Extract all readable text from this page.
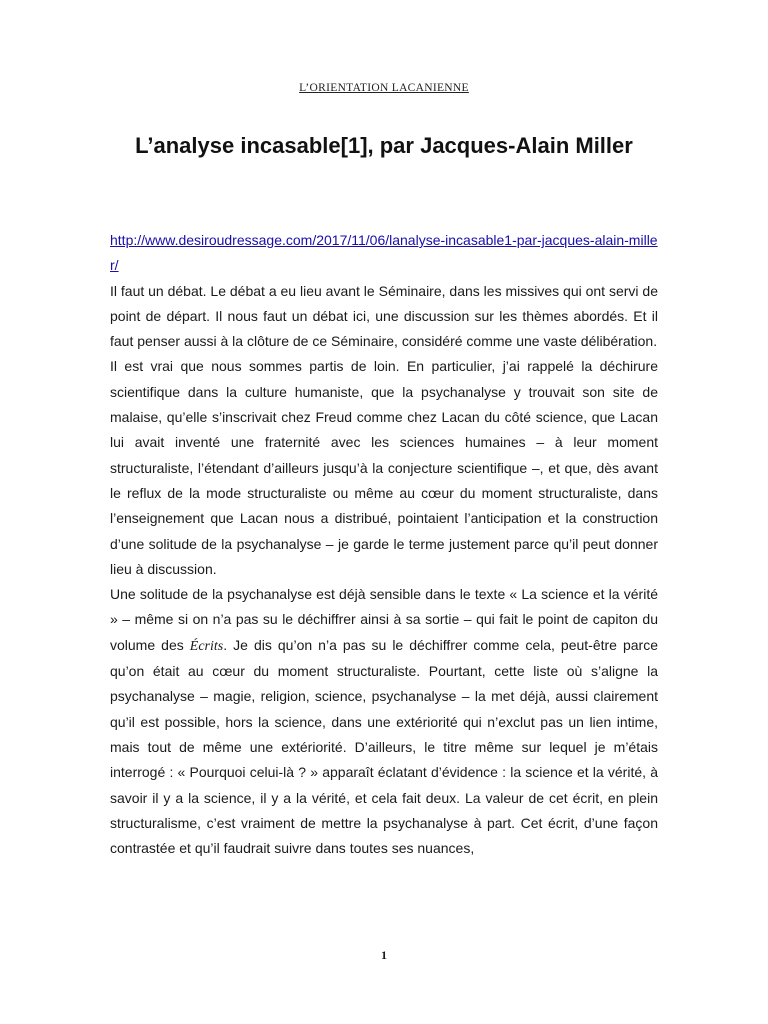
L’ORIENTATION LACANIENNE
L’analyse incasable[1], par Jacques-Alain Miller
http://www.desiroudressage.com/2017/11/06/lanalyse-incasable1-par-jacques-alain-miller/

Il faut un débat. Le débat a eu lieu avant le Séminaire, dans les missives qui ont servi de point de départ. Il nous faut un débat ici, une discussion sur les thèmes abordés. Et il faut penser aussi à la clôture de ce Séminaire, considéré comme une vaste délibération.

Il est vrai que nous sommes partis de loin. En particulier, j’ai rappelé la déchirure scientifique dans la culture humaniste, que la psychanalyse y trouvait son site de malaise, qu’elle s’inscrivait chez Freud comme chez Lacan du côté science, que Lacan lui avait inventé une fraternité avec les sciences humaines – à leur moment structuraliste, l’étendant d’ailleurs jusqu’à la conjecture scientifique –, et que, dès avant le reflux de la mode structuraliste ou même au cœur du moment structuraliste, dans l’enseignement que Lacan nous a distribué, pointaient l’anticipation et la construction d’une solitude de la psychanalyse – je garde le terme justement parce qu’il peut donner lieu à discussion.

Une solitude de la psychanalyse est déjà sensible dans le texte « La science et la vérité » – même si on n’a pas su le déchiffrer ainsi à sa sortie – qui fait le point de capiton du volume des Écrits. Je dis qu’on n’a pas su le déchiffrer comme cela, peut-être parce qu’on était au cœur du moment structuraliste. Pourtant, cette liste où s’aligne la psychanalyse – magie, religion, science, psychanalyse – la met déjà, aussi clairement qu’il est possible, hors la science, dans une extériorité qui n’exclut pas un lien intime, mais tout de même une extériorité. D’ailleurs, le titre même sur lequel je m’étais interrogé : « Pourquoi celui-là ? » apparaît éclatant d’évidence : la science et la vérité, à savoir il y a la science, il y a la vérité, et cela fait deux. La valeur de cet écrit, en plein structuralisme, c’est vraiment de mettre la psychanalyse à part. Cet écrit, d’une façon contrastée et qu’il faudrait suivre dans toutes ses nuances,

1
